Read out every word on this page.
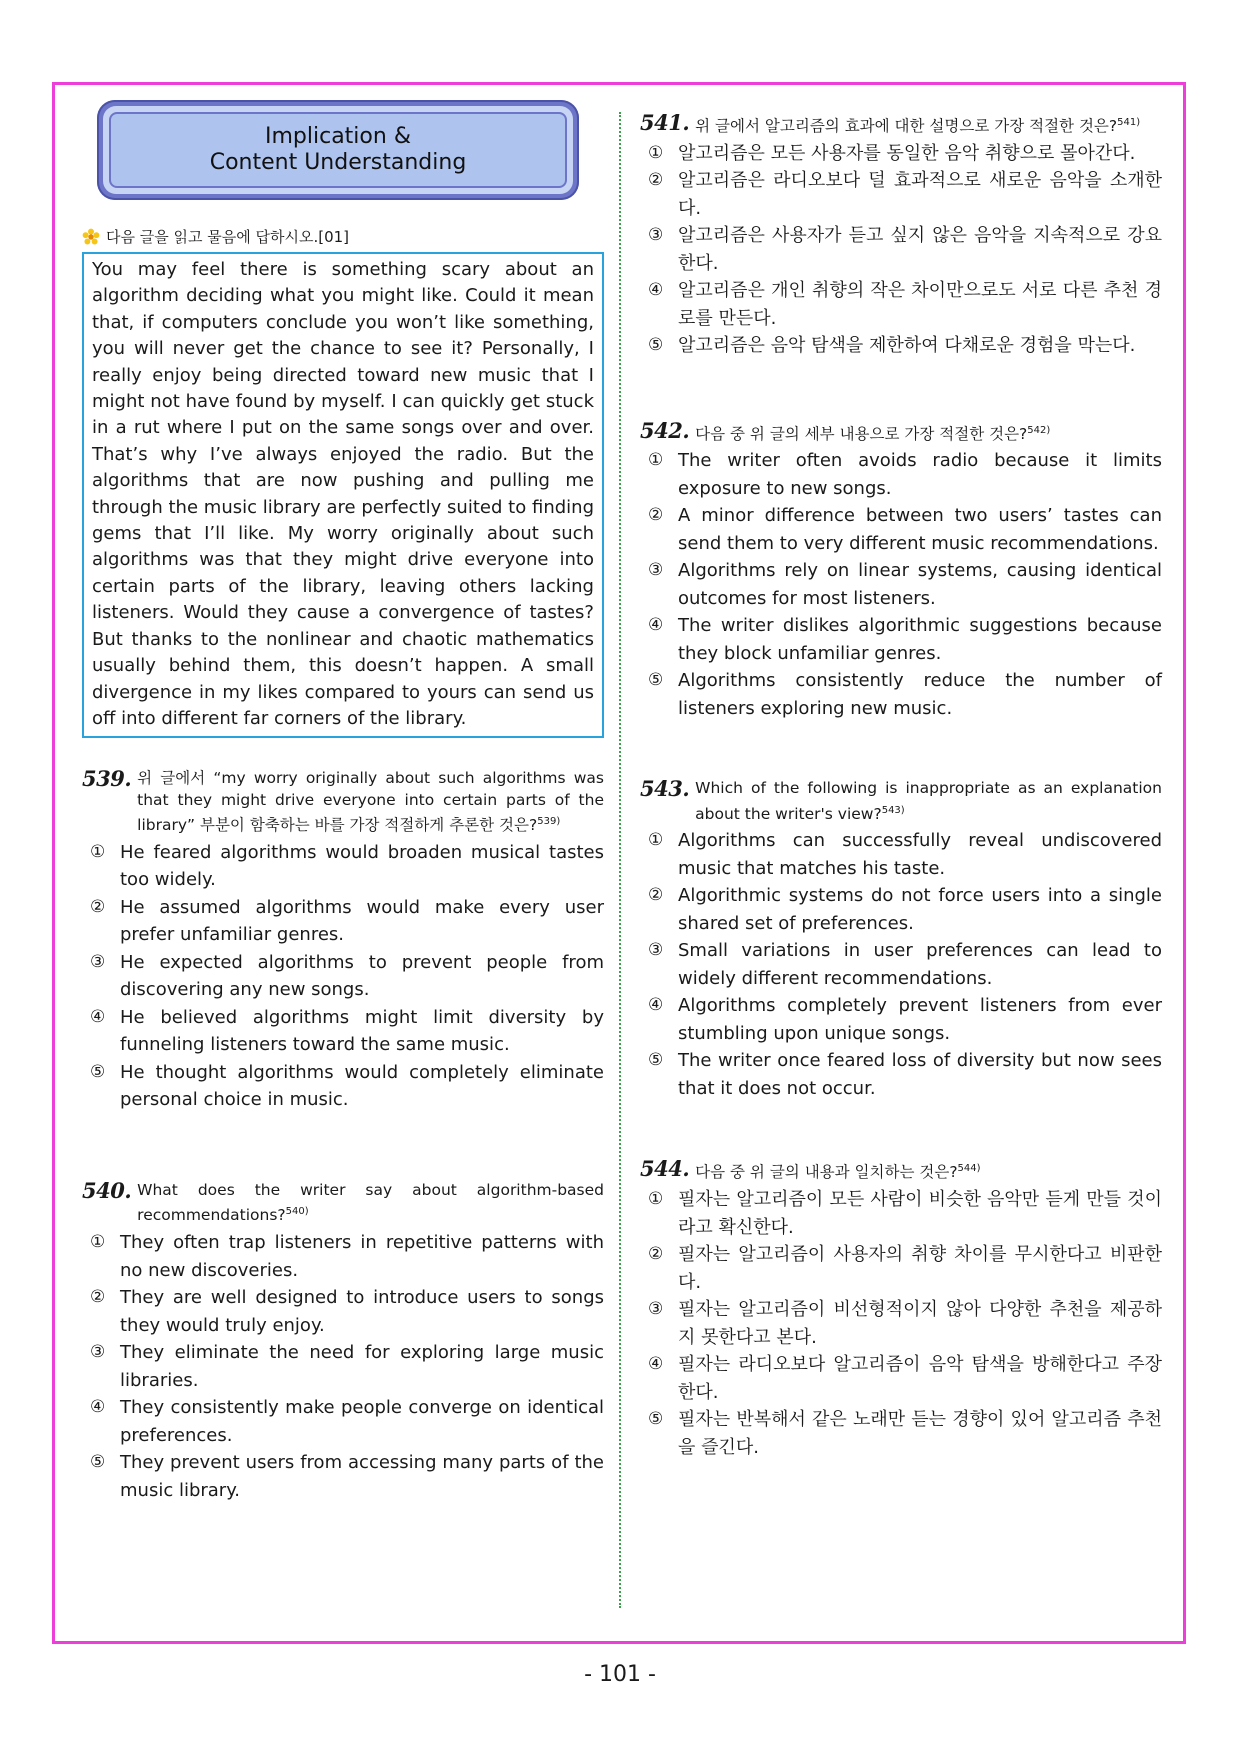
Implication &
Content Understanding
다음 글을 읽고 물음에 답하시오.[01]
You may feel there is something scary about an algorithm deciding what you might like. Could it mean that, if computers conclude you won’t like something, you will never get the chance to see it? Personally, I really enjoy being directed toward new music that I might not have found by myself. I can quickly get stuck in a rut where I put on the same songs over and over. That’s why I’ve always enjoyed the radio. But the algorithms that are now pushing and pulling me through the music library are perfectly suited to finding gems that I’ll like. My worry originally about such algorithms was that they might drive everyone into certain parts of the library, leaving others lacking listeners. Would they cause a convergence of tastes? But thanks to the nonlinear and chaotic mathematics usually behind them, this doesn’t happen. A small divergence in my likes compared to yours can send us off into different far corners of the library.
539. 위 글에서 “my worry originally about such algorithms was that they might drive everyone into certain parts of the library” 부분이 함축하는 바를 가장 적절하게 추론한 것은?$^{539)}$
① He feared algorithms would broaden musical tastes too widely.
② He assumed algorithms would make every user prefer unfamiliar genres.
③ He expected algorithms to prevent people from discovering any new songs.
④ He believed algorithms might limit diversity by funneling listeners toward the same music.
⑤ He thought algorithms would completely eliminate personal choice in music.
540. What does the writer say about algorithm-based recommendations?$^{540)}$
① They often trap listeners in repetitive patterns with no new discoveries.
② They are well designed to introduce users to songs they would truly enjoy.
③ They eliminate the need for exploring large music libraries.
④ They consistently make people converge on identical preferences.
⑤ They prevent users from accessing many parts of the music library.
541. 위 글에서 알고리즘의 효과에 대한 설명으로 가장 적절한 것은?$^{541)}$
① 알고리즘은 모든 사용자를 동일한 음악 취향으로 몰아간다.
② 알고리즘은 라디오보다 덜 효과적으로 새로운 음악을 소개한다.
③ 알고리즘은 사용자가 듣고 싶지 않은 음악을 지속적으로 강요한다.
④ 알고리즘은 개인 취향의 작은 차이만으로도 서로 다른 추천 경로를 만든다.
⑤ 알고리즘은 음악 탐색을 제한하여 다채로운 경험을 막는다.
542. 다음 중 위 글의 세부 내용으로 가장 적절한 것은?$^{542)}$
① The writer often avoids radio because it limits exposure to new songs.
② A minor difference between two users’ tastes can send them to very different music recommendations.
③ Algorithms rely on linear systems, causing identical outcomes for most listeners.
④ The writer dislikes algorithmic suggestions because they block unfamiliar genres.
⑤ Algorithms consistently reduce the number of listeners exploring new music.
543. Which of the following is inappropriate as an explanation about the writer's view?$^{543)}$
① Algorithms can successfully reveal undiscovered music that matches his taste.
② Algorithmic systems do not force users into a single shared set of preferences.
③ Small variations in user preferences can lead to widely different recommendations.
④ Algorithms completely prevent listeners from ever stumbling upon unique songs.
⑤ The writer once feared loss of diversity but now sees that it does not occur.
544. 다음 중 위 글의 내용과 일치하는 것은?$^{544)}$
① 필자는 알고리즘이 모든 사람이 비슷한 음악만 듣게 만들 것이라고 확신한다.
② 필자는 알고리즘이 사용자의 취향 차이를 무시한다고 비판한다.
③ 필자는 알고리즘이 비선형적이지 않아 다양한 추천을 제공하지 못한다고 본다.
④ 필자는 라디오보다 알고리즘이 음악 탐색을 방해한다고 주장한다.
⑤ 필자는 반복해서 같은 노래만 듣는 경향이 있어 알고리즘 추천을 즐긴다.
- 101 -
